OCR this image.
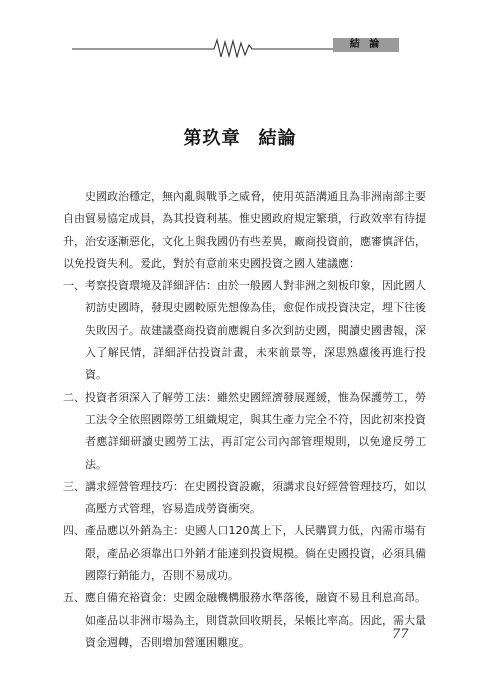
結 論
第玖章 結論

史國政治穩定，無內亂與戰爭之威脅，使用英語溝通且為非洲南部主要自由貿易協定成員，為其投資利基。惟史國政府規定繁瑣，行政效率有待提升，治安逐漸惡化，文化上與我國仍有些差異，廠商投資前，應審慎評估，以免投資失利。爰此，對於有意前來史國投資之國人建議應：

一、 考察投資環境及詳細評估：由於一般國人對非洲之刻板印象，因此國人初訪史國時，發現史國較原先想像為佳，愈促作成投資決定，埋下往後失敗因子。故建議臺商投資前應親自多次到訪史國，閱讀史國書報，深入了解民情，詳細評估投資計畫，未來前景等，深思熟慮後再進行投資。
二、 投資者須深入了解勞工法：雖然史國經濟發展遲緩，惟為保護勞工，勞工法令全依照國際勞工組織規定，與其生產力完全不符，因此初來投資者應詳細研讀史國勞工法，再訂定公司內部管理規則，以免違反勞工法。
三、 講求經營管理技巧：在史國投資設廠，須講求良好經營管理技巧，如以高壓方式管理，容易造成勞資衝突。
四、 產品應以外銷為主：史國人口120萬上下，人民購買力低，內需市場有限，產品必須靠出口外銷才能達到投資規模。倘在史國投資，必須具備國際行銷能力，否則不易成功。
五、 應自備充裕資金：史國金融機構服務水準落後，融資不易且利息高昂。如產品以非洲市場為主，則貨款回收期長，呆帳比率高。因此，需大量資金週轉，否則增加營運困難度。
77
